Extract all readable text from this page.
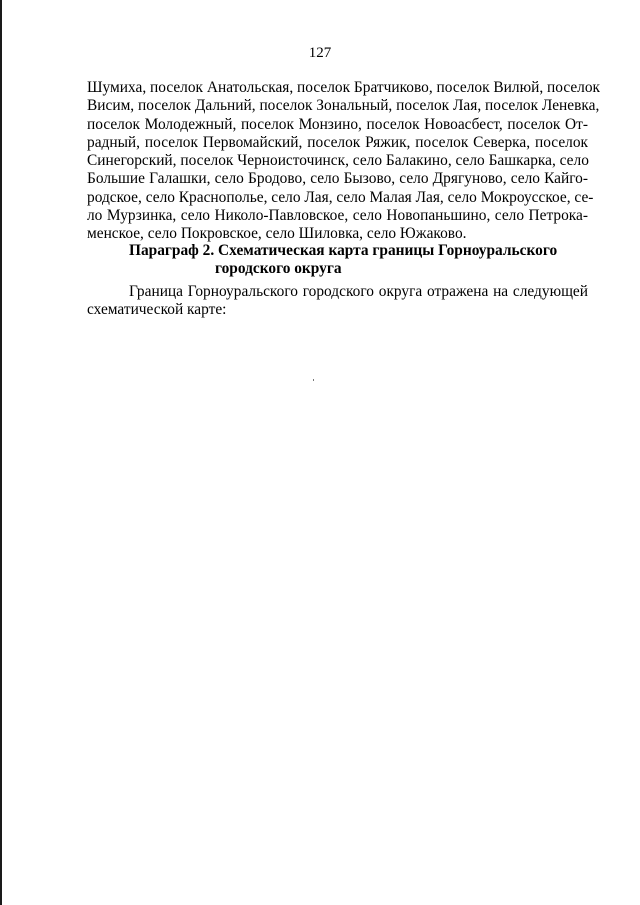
127
Шумиха, поселок Анатольская, поселок Братчиково, поселок Вилюй, поселок
Висим, поселок Дальний, поселок Зональный, поселок Лая, поселок Леневка,
поселок Молодежный, поселок Монзино, поселок Новоасбест, поселок От-
радный, поселок Первомайский, поселок Ряжик, поселок Северка, поселок
Синегорский, поселок Черноисточинск, село Балакино, село Башкарка, село
Большие Галашки, село Бродово, село Бызово, село Дрягуново, село Кайго-
родское, село Краснополье, село Лая, село Малая Лая, село Мокроусское, се-
ло Мурзинка, село Николо-Павловское, село Новопаньшино, село Петрока-
менское, село Покровское, село Шиловка, село Южаково.
Параграф 2. Схематическая карта границы Горноуральского
городского округа
Граница Горноуральского городского округа отражена на следующей
схематической карте:
